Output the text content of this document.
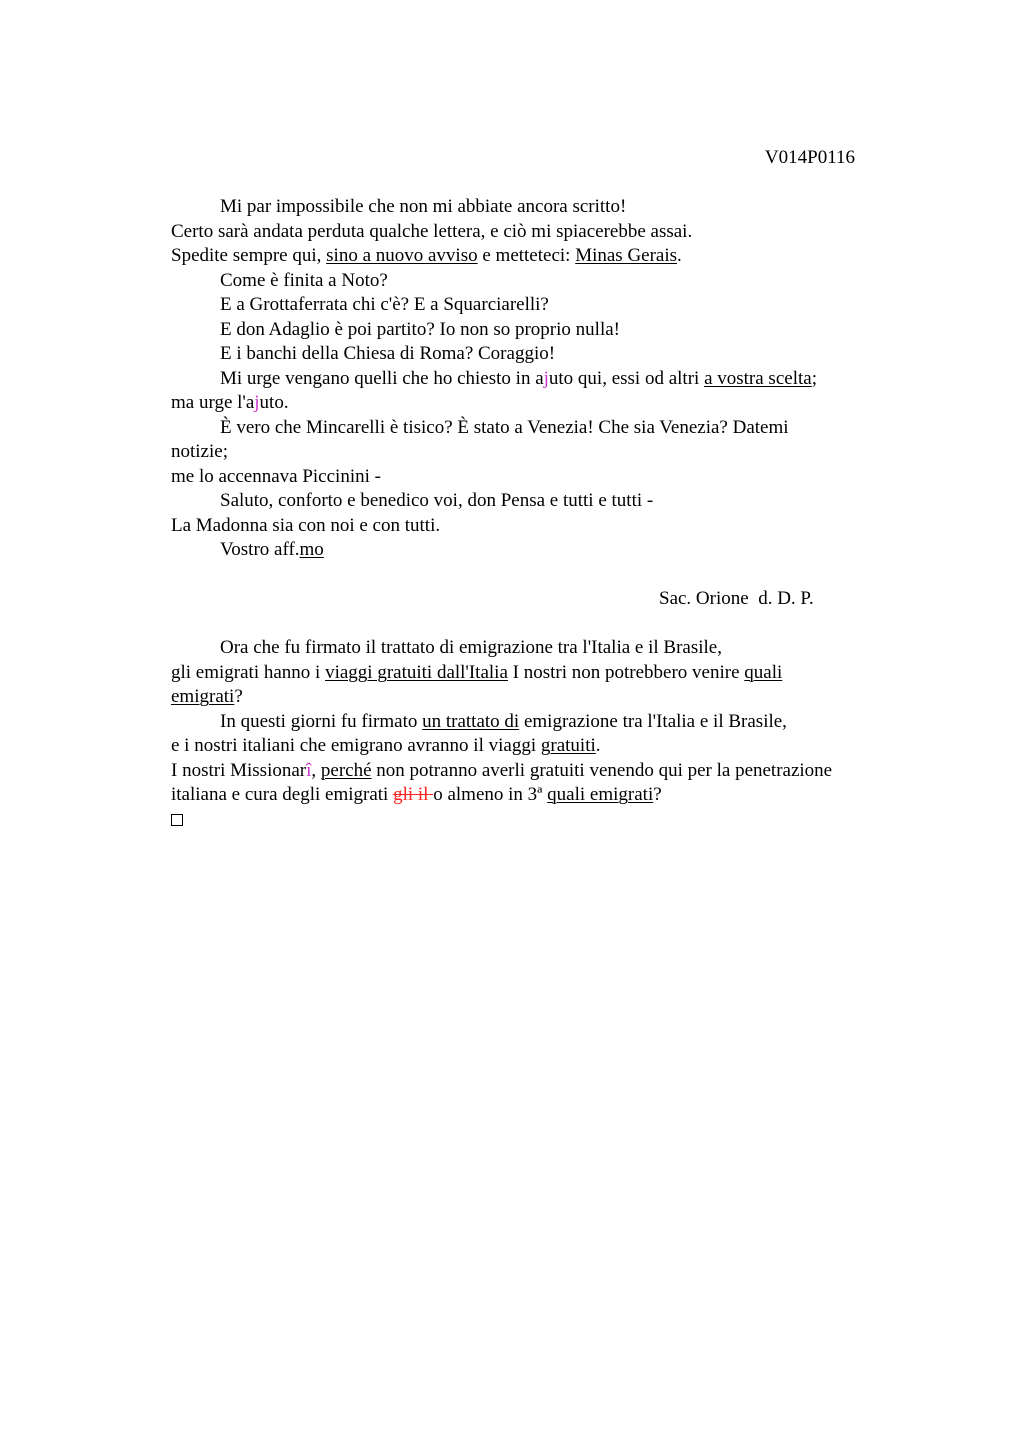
V014P0116
Mi par impossibile che non mi abbiate ancora scritto!
Certo sarà andata perduta qualche lettera, e ciò mi spiacerebbe assai.
Spedite sempre qui, sino a nuovo avviso e metteteci: Minas Gerais.
Come è finita a Noto?
E a Grottaferrata chi c'è? E a Squarciarelli?
E don Adaglio è poi partito? Io non so proprio nulla!
E i banchi della Chiesa di Roma? Coraggio!
Mi urge vengano quelli che ho chiesto in ajuto qui, essi od altri a vostra scelta;
ma urge l'ajuto.
È vero che Mincarelli è tisico? È stato a Venezia! Che sia Venezia? Datemi
notizie;
me lo accennava Piccinini -
Saluto, conforto e benedico voi, don Pensa e tutti e tutti -
La Madonna sia con noi e con tutti.
Vostro aff.mo
Sac. Orione  d. D. P.
Ora che fu firmato il trattato di emigrazione tra l'Italia e il Brasile,
gli emigrati hanno i viaggi gratuiti dall'Italia I nostri non potrebbero venire quali
emigrati?
In questi giorni fu firmato un trattato di emigrazione tra l'Italia e il Brasile,
e i nostri italiani che emigrano avranno il viaggi gratuiti.
I nostri Missionarî, perché non potranno averli gratuiti venendo qui per la penetrazione
italiana e cura degli emigrati gli il o almeno in 3ª quali emigrati?
